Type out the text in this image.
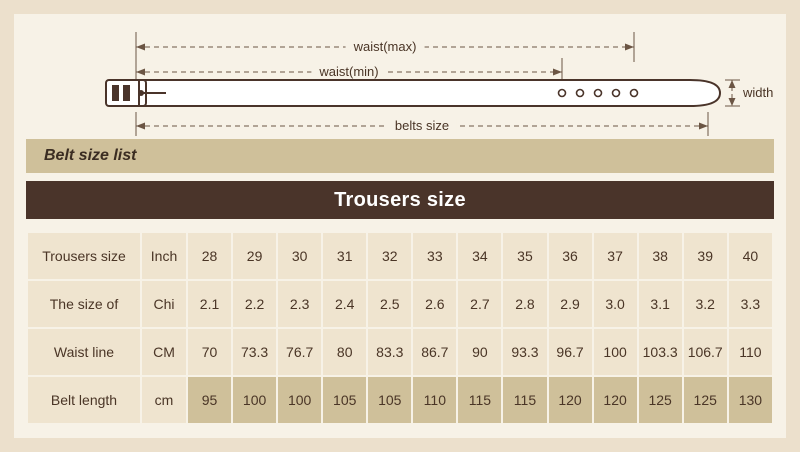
waist(max)
waist(min)
belts size
width
Belt size list
Trousers size
Trousers size	Inch	28	29	30	31	32	33	34	35	36	37	38	39	40
The size of	Chi	2.1	2.2	2.3	2.4	2.5	2.6	2.7	2.8	2.9	3.0	3.1	3.2	3.3
Waist line	CM	70	73.3	76.7	80	83.3	86.7	90	93.3	96.7	100	103.3	106.7	110
Belt length	cm	95	100	100	105	105	110	115	115	120	120	125	125	130
